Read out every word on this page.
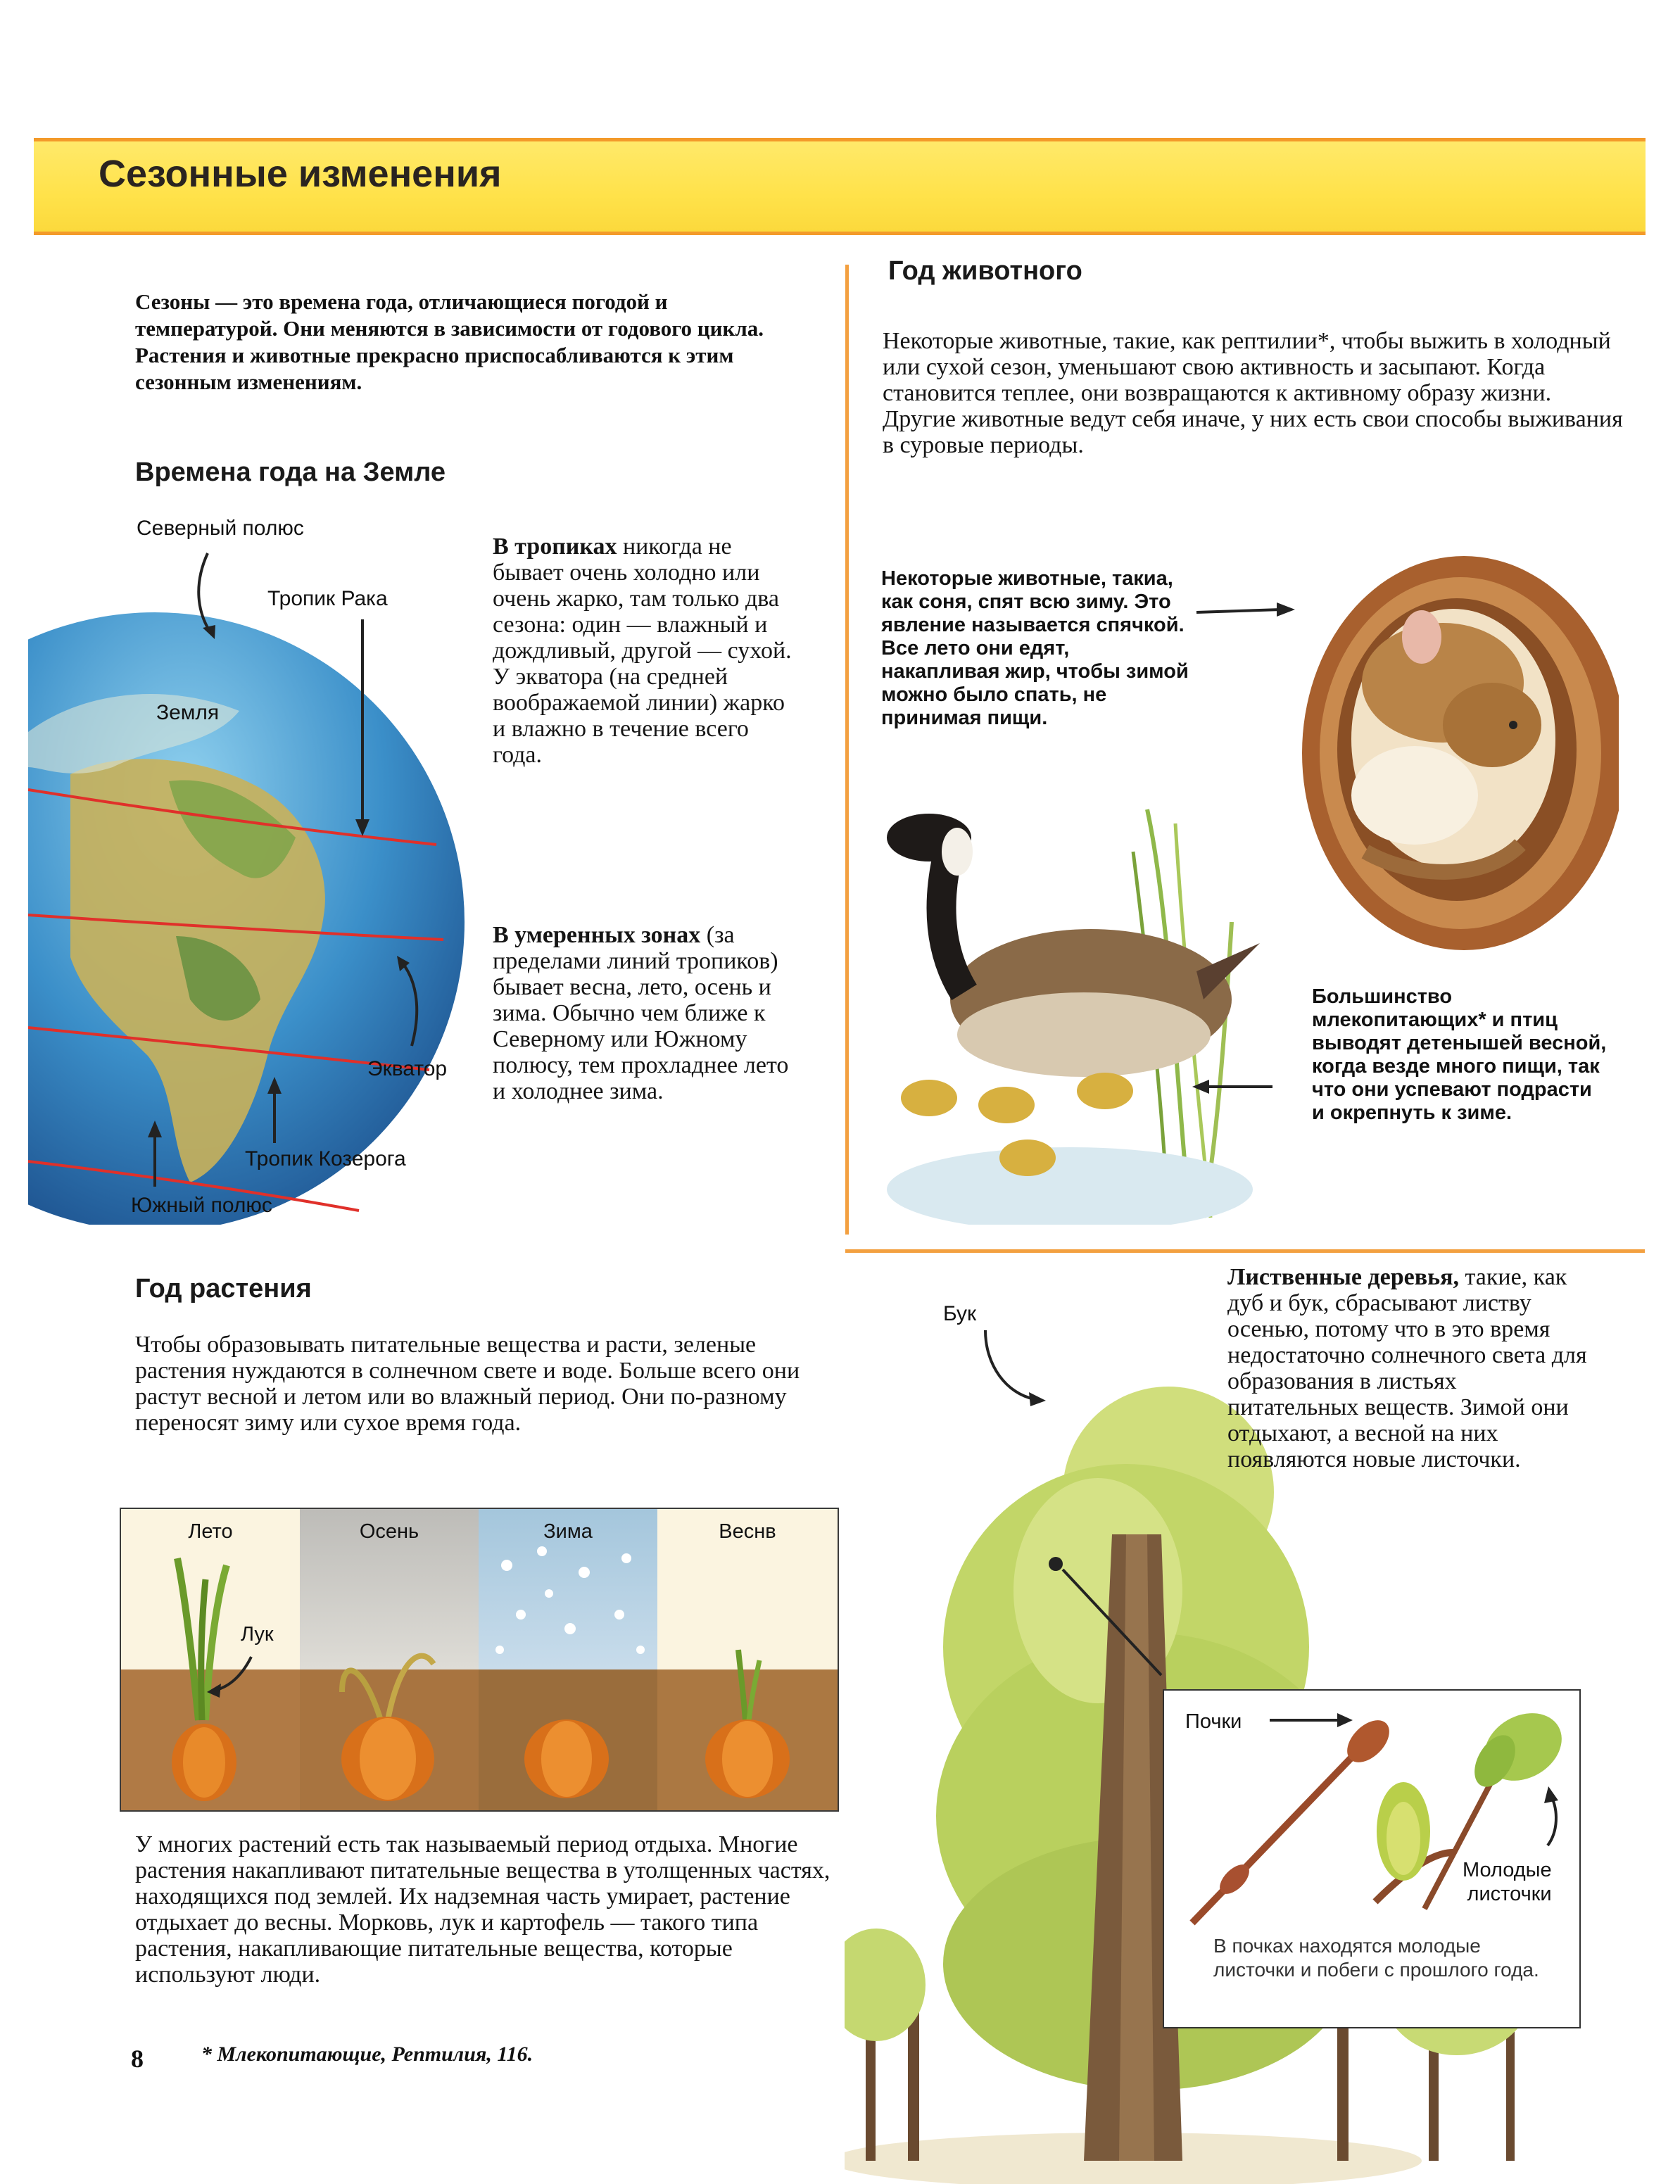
Сезонные изменения
Сезоны — это времена года, отличающиеся погодой и температурой. Они меняются в зависимости от годового цикла. Растения и животные прекрасно приспосабливаются к этим сезонным изменениям.
Времена года на Земле
Северный полюс
Тропик Рака
Земля
Экватор
Тропик Козерога
Южный полюс
В тропиках никогда не бывает очень холодно или очень жарко, там только два сезона: один — влажный и дождливый, другой — сухой. У экватора (на средней воображаемой линии) жарко и влажно в течение всего года.
В умеренных зонах (за пределами линий тропиков) бывает весна, лето, осень и зима. Обычно чем ближе к Северному или Южному полюсу, тем прохладнее лето и холоднее зима.
Год животного
Некоторые животные, такие, как рептилии*, чтобы выжить в холодный или сухой сезон, уменьшают свою активность и засыпают. Когда становится теплее, они возвращаются к активному образу жизни. Другие животные ведут себя иначе, у них есть свои способы выживания в суровые периоды.
Некоторые животные, такиа, как соня, спят всю зиму. Это явление называется спячкой. Все лето они едят, накапливая жир, чтобы зимой можно было спать, не принимая пищи.
Большинство млекопитающих* и птиц выводят детенышей весной, когда везде много пищи, так что они успевают подрасти и окрепнуть к зиме.
Год растения
Чтобы образовывать питательные вещества и расти, зеленые растения нуждаются в солнечном свете и воде. Больше всего они растут весной и летом или во влажный период. Они по-разному переносят зиму или сухое время года.
Лето
Лук
Осень	Зима	Веснв
У многих растений есть так называемый период отдыха. Многие растения накапливают питательные вещества в утолщенных частях, находящихся под землей. Их надземная часть умирает, растение отдыхает до весны. Морковь, лук и картофель — такого типа растения, накапливающие питательные вещества, которые используют люди.
Бук
Лиственные деревья, такие, как дуб и бук, сбрасывают листву осенью, потому что в это время недостаточно солнечного света для образования в листьях питательных веществ. Зимой они отдыхают, а весной на них появляются новые листочки.
Почки
Молодые
листочки
В почках находятся молодые листочки и побеги с прошлого года.
8	* Млекопитающие, Рептилия, 116.
